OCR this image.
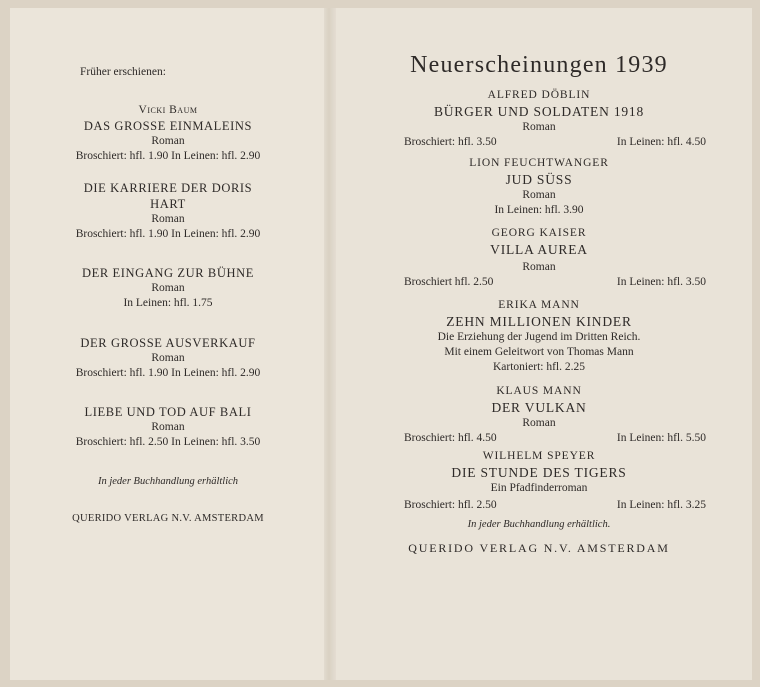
Früher erschienen:
Vicki Baum
DAS GROSSE EINMALEINS
Roman
Broschiert: hfl. 1.90 In Leinen: hfl. 2.90
DIE KARRIERE DER DORIS
HART
Roman
Broschiert: hfl. 1.90 In Leinen: hfl. 2.90
DER EINGANG ZUR BÜHNE
Roman
In Leinen: hfl. 1.75
DER GROSSE AUSVERKAUF
Roman
Broschiert: hfl. 1.90 In Leinen: hfl. 2.90
LIEBE UND TOD AUF BALI
Roman
Broschiert: hfl. 2.50 In Leinen: hfl. 3.50
In jeder Buchhandlung erhältlich
QUERIDO VERLAG N.V. AMSTERDAM
Neuerscheinungen 1939
ALFRED DÖBLIN
BÜRGER UND SOLDATEN 1918
Roman
Broschiert: hfl. 3.50	In Leinen: hfl. 4.50
LION FEUCHTWANGER
JUD SÜSS
Roman
In Leinen: hfl. 3.90
GEORG KAISER
VILLA AUREA
Roman
Broschiert hfl. 2.50	In Leinen: hfl. 3.50
ERIKA MANN
ZEHN MILLIONEN KINDER
Die Erziehung der Jugend im Dritten Reich.
Mit einem Geleitwort von Thomas Mann
Kartoniert: hfl. 2.25
KLAUS MANN
DER VULKAN
Roman
Broschiert: hfl. 4.50	In Leinen: hfl. 5.50
WILHELM SPEYER
DIE STUNDE DES TIGERS
Ein Pfadfinderroman
Broschiert: hfl. 2.50	In Leinen: hfl. 3.25
In jeder Buchhandlung erhältlich.
QUERIDO VERLAG N.V. AMSTERDAM
